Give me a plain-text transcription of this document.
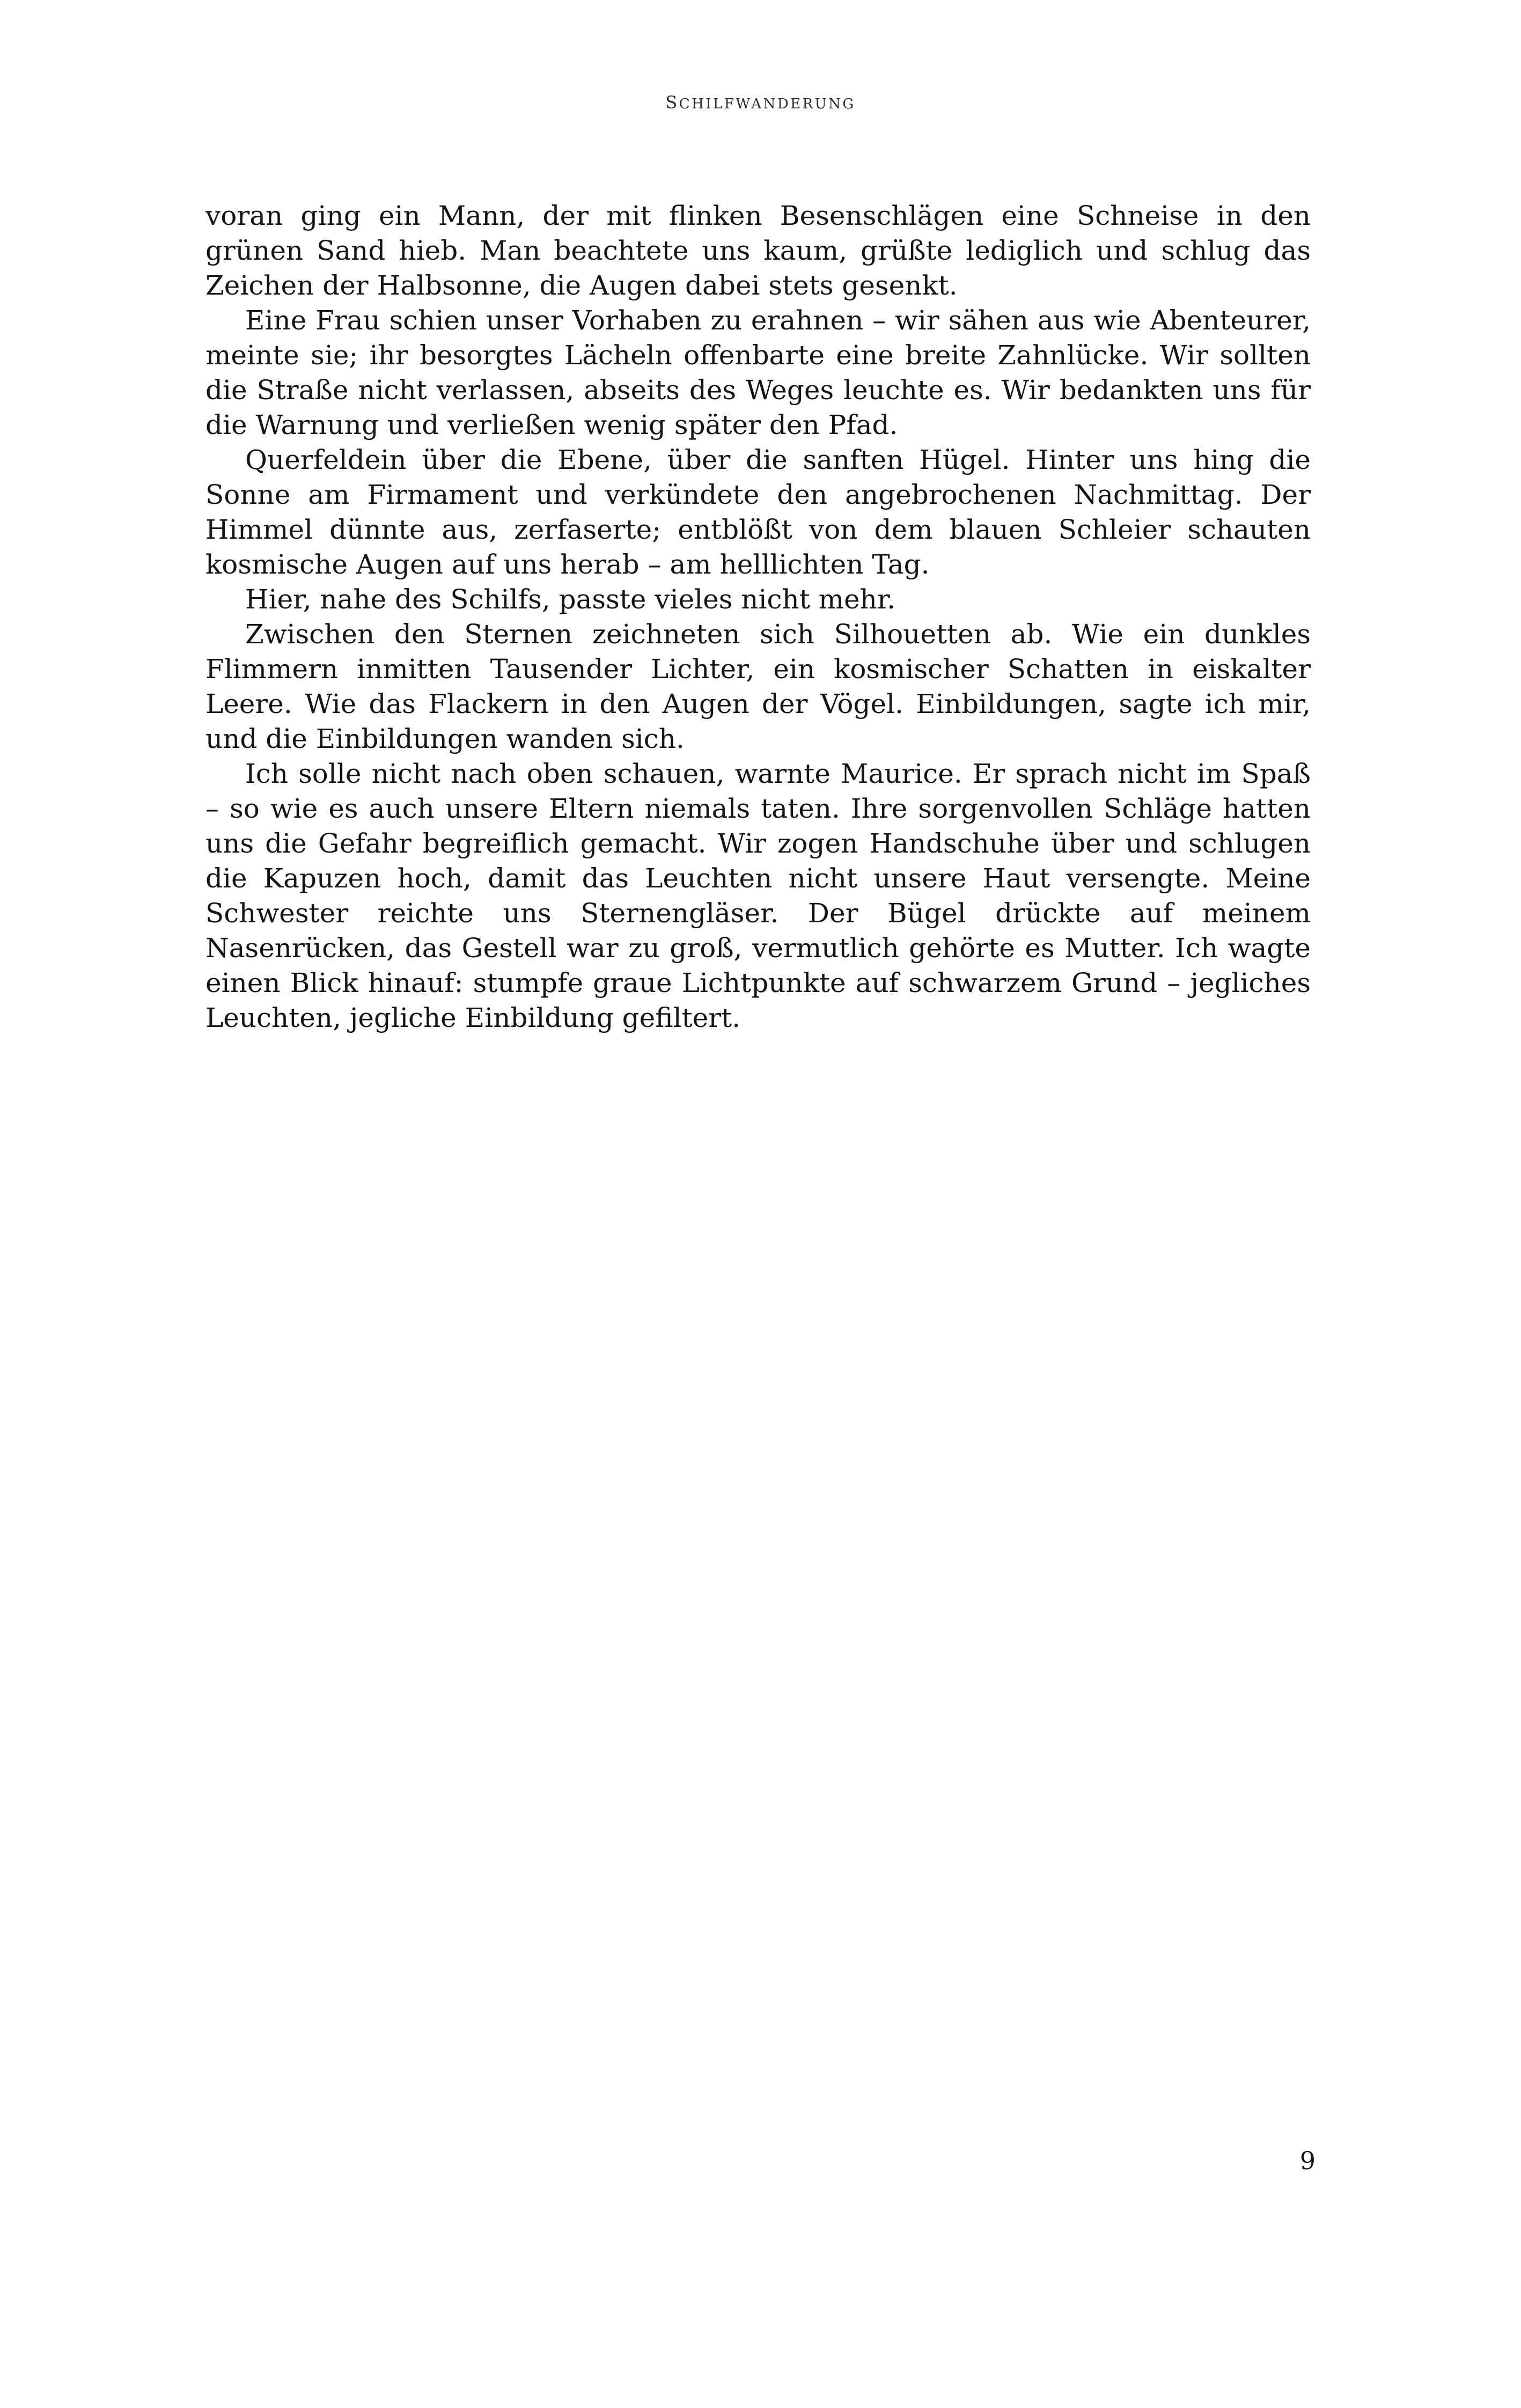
schilfwanderung

voran ging ein Mann, der mit flinken Besenschlägen eine Schneise in den grünen Sand hieb. Man beachtete uns kaum, grüßte lediglich und schlug das Zeichen der Halbsonne, die Augen dabei stets gesenkt.

Eine Frau schien unser Vorhaben zu erahnen – wir sähen aus wie Abenteurer, meinte sie; ihr besorgtes Lächeln offenbarte eine breite Zahnlücke. Wir sollten die Straße nicht verlassen, abseits des Weges leuchte es. Wir bedankten uns für die Warnung und verließen wenig später den Pfad.

Querfeldein über die Ebene, über die sanften Hügel. Hinter uns hing die Sonne am Firmament und verkündete den angebrochenen Nachmittag. Der Himmel dünnte aus, zerfaserte; entblößt von dem blauen Schleier schauten kosmische Augen auf uns herab – am helllichten Tag.

Hier, nahe des Schilfs, passte vieles nicht mehr.

Zwischen den Sternen zeichneten sich Silhouetten ab. Wie ein dunkles Flimmern inmitten Tausender Lichter, ein kosmischer Schatten in eiskalter Leere. Wie das Flackern in den Augen der Vögel. Einbildungen, sagte ich mir, und die Einbildungen wanden sich.

Ich solle nicht nach oben schauen, warnte Maurice. Er sprach nicht im Spaß – so wie es auch unsere Eltern niemals taten. Ihre sorgenvollen Schläge hatten uns die Gefahr begreiflich gemacht. Wir zogen Handschuhe über und schlugen die Kapuzen hoch, damit das Leuchten nicht unsere Haut versengte. Meine Schwester reichte uns Sternengläser. Der Bügel drückte auf meinem Nasenrücken, das Gestell war zu groß, vermutlich gehörte es Mutter. Ich wagte einen Blick hinauf: stumpfe graue Lichtpunkte auf schwarzem Grund – jegliches Leuchten, jegliche Einbildung gefiltert.

9
